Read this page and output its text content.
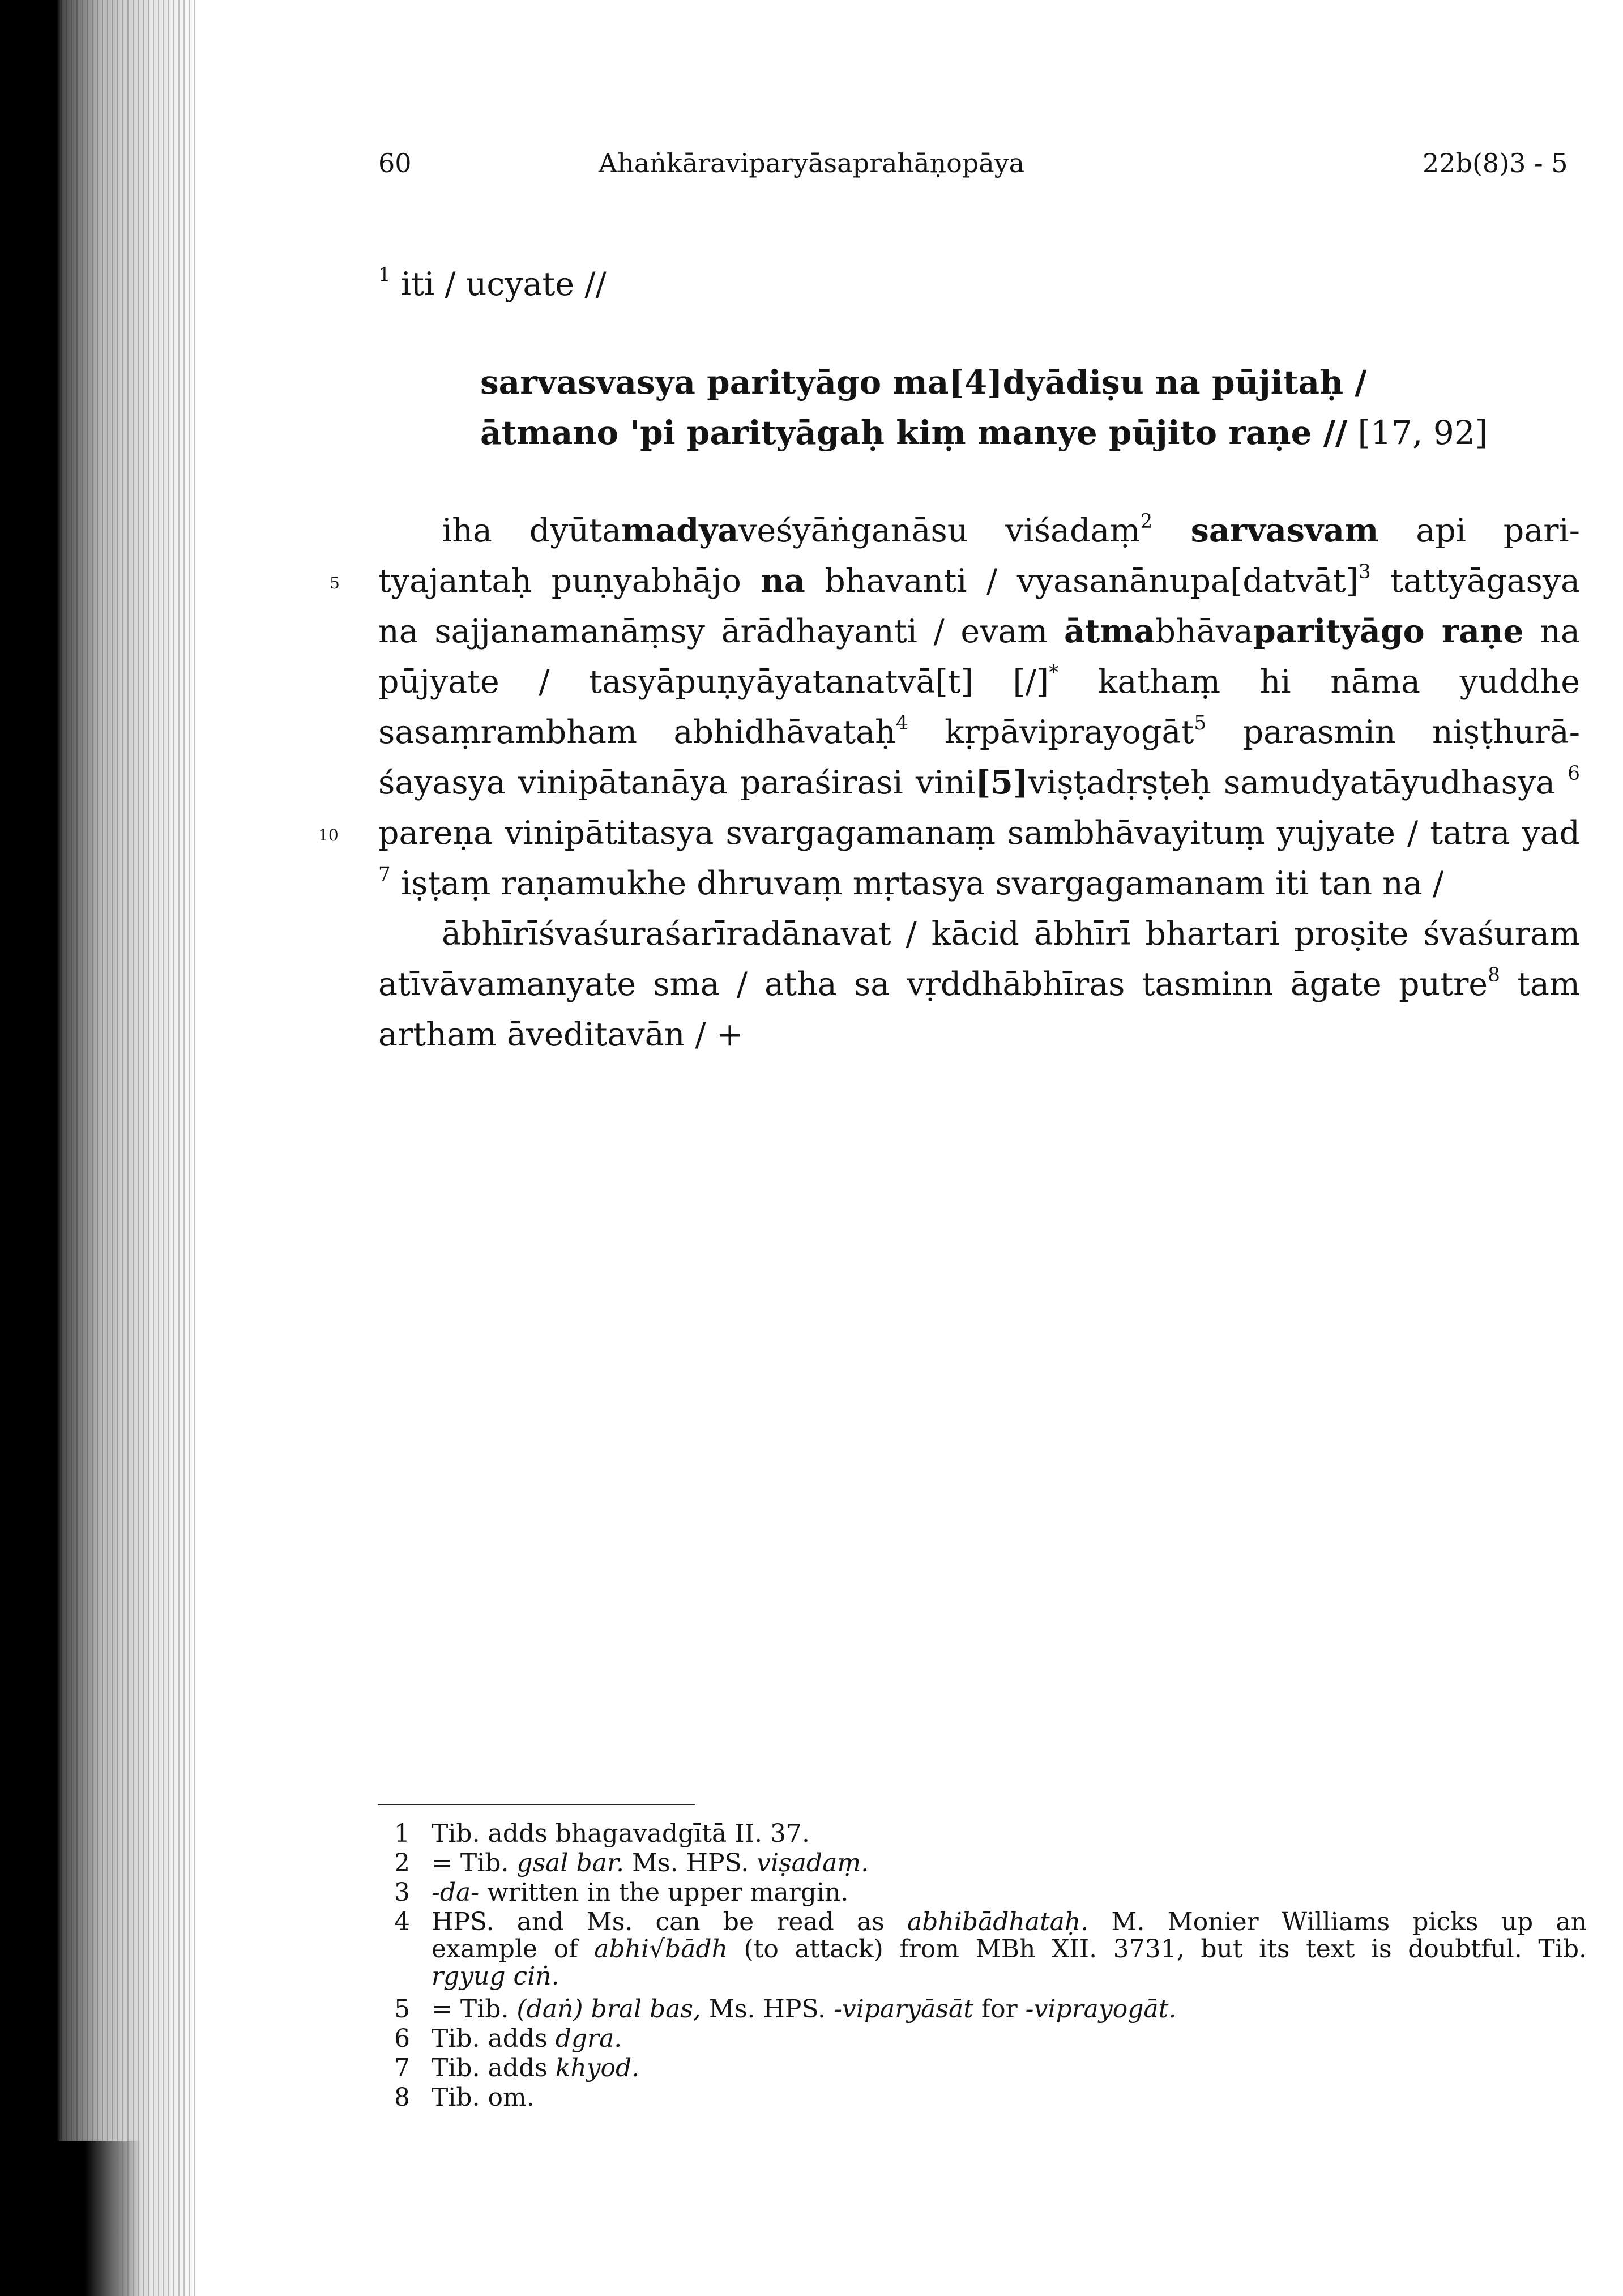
60	Ahaṅkāraviparyāsaprahāṇopāya	22b(8)3 - 5
$^1$ iti / ucyate //
sarvasvasya parityāgo ma[4]dyādiṣu na pūjitaḥ /
ātmano 'pi parityāgaḥ kiṃ manye pūjito raṇe // [17, 92]
iha dyūtamadyaveśyāṅganāsu viśadaṃ$^2$ sarvasvam api pari-
tyajantaḥ puṇyabhājo na bhavanti / vyasanānupa[datvāt]$^3$ tattyāgasya
na sajjanamanāṃsy ārādhayanti / evam ātmabhāvaparityāgo raṇe na
pūjyate / tasyāpuṇyāyatanatvā[t] [/]* kathaṃ hi nāma yuddhe
sasaṃrambham abhidhāvataḥ$^4$ kṛpāviprayogāt$^5$ parasmin niṣṭhurā-
śayasya vinipātanāya paraśirasi vini[5]viṣṭadṛṣṭeḥ samudyatāyudhasya $^6$
pareṇa vinipātitasya svargagamanaṃ sambhāvayituṃ yujyate / tatra yad
$^7$ iṣṭaṃ raṇamukhe dhruvaṃ mṛtasya svargagamanam iti tan na /
ābhīrīśvaśuraśarīradānavat / kācid ābhīrī bhartari proṣite śvaśuram
atīvāvamanyate sma / atha sa vṛddhābhīras tasminn āgate putre$^8$ tam
artham āveditavān / +
5
10
1 Tib. adds bhagavadgītā II. 37.
2 = Tib. gsal bar. Ms. HPS. viṣadaṃ.
3 -da- written in the upper margin.
4 HPS. and Ms. can be read as abhibādhataḥ. M. Monier Williams picks up an
example of abhi√bādh (to attack) from MBh XII. 3731, but its text is doubtful. Tib.
rgyug ciṅ.
5 = Tib. (daṅ) bral bas, Ms. HPS. -viparyāsāt for -viprayogāt.
6 Tib. adds dgra.
7 Tib. adds khyod.
8 Tib. om.
